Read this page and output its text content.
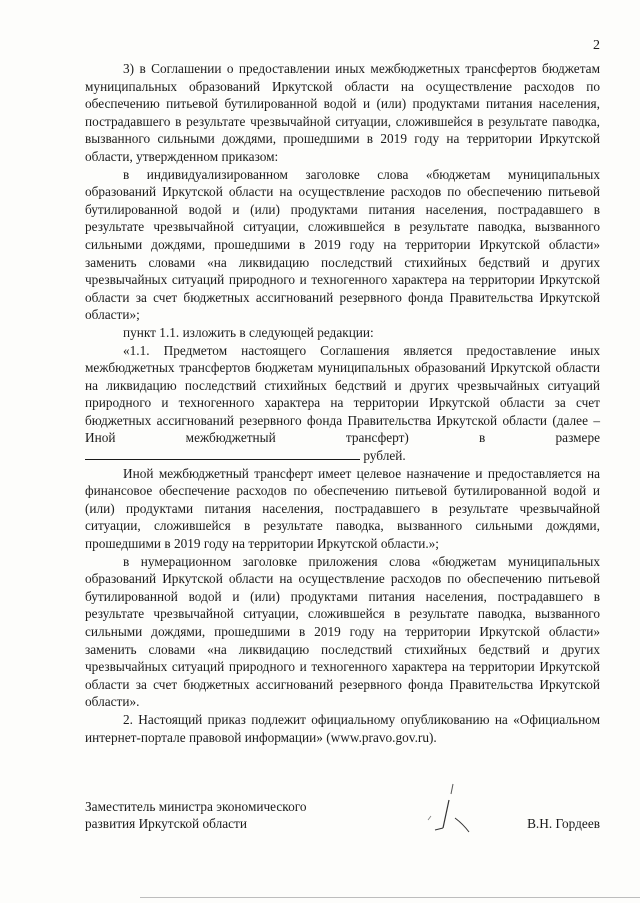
2

3) в Соглашении о предоставлении иных межбюджетных трансфертов бюджетам муниципальных образований Иркутской области на осуществление расходов по обеспечению питьевой бутилированной водой и (или) продуктами питания населения, пострадавшего в результате чрезвычайной ситуации, сложившейся в результате паводка, вызванного сильными дождями, прошедшими в 2019 году на территории Иркутской области, утвержденном приказом:

в индивидуализированном заголовке слова «бюджетам муниципальных образований Иркутской области на осуществление расходов по обеспечению питьевой бутилированной водой и (или) продуктами питания населения, пострадавшего в результате чрезвычайной ситуации, сложившейся в результате паводка, вызванного сильными дождями, прошедшими в 2019 году на территории Иркутской области» заменить словами «на ликвидацию последствий стихийных бедствий и других чрезвычайных ситуаций природного и техногенного характера на территории Иркутской области за счет бюджетных ассигнований резервного фонда Правительства Иркутской области»;

пункт 1.1. изложить в следующей редакции:

«1.1. Предметом настоящего Соглашения является предоставление иных межбюджетных трансфертов бюджетам муниципальных образований Иркутской области на ликвидацию последствий стихийных бедствий и других чрезвычайных ситуаций природного и техногенного характера на территории Иркутской области за счет бюджетных ассигнований резервного фонда Правительства Иркутской области (далее – Иной межбюджетный трансферт) в размере рублей.

Иной межбюджетный трансферт имеет целевое назначение и предоставляется на финансовое обеспечение расходов по обеспечению питьевой бутилированной водой и (или) продуктами питания населения, пострадавшего в результате чрезвычайной ситуации, сложившейся в результате паводка, вызванного сильными дождями, прошедшими в 2019 году на территории Иркутской области.»;

в нумерационном заголовке приложения слова «бюджетам муниципальных образований Иркутской области на осуществление расходов по обеспечению питьевой бутилированной водой и (или) продуктами питания населения, пострадавшего в результате чрезвычайной ситуации, сложившейся в результате паводка, вызванного сильными дождями, прошедшими в 2019 году на территории Иркутской области» заменить словами «на ликвидацию последствий стихийных бедствий и других чрезвычайных ситуаций природного и техногенного характера на территории Иркутской области за счет бюджетных ассигнований резервного фонда Правительства Иркутской области».

2. Настоящий приказ подлежит официальному опубликованию на «Официальном интернет-портале правовой информации» (www.pravo.gov.ru).

Заместитель министра экономического
развития Иркутской области	В.Н. Гордеев
